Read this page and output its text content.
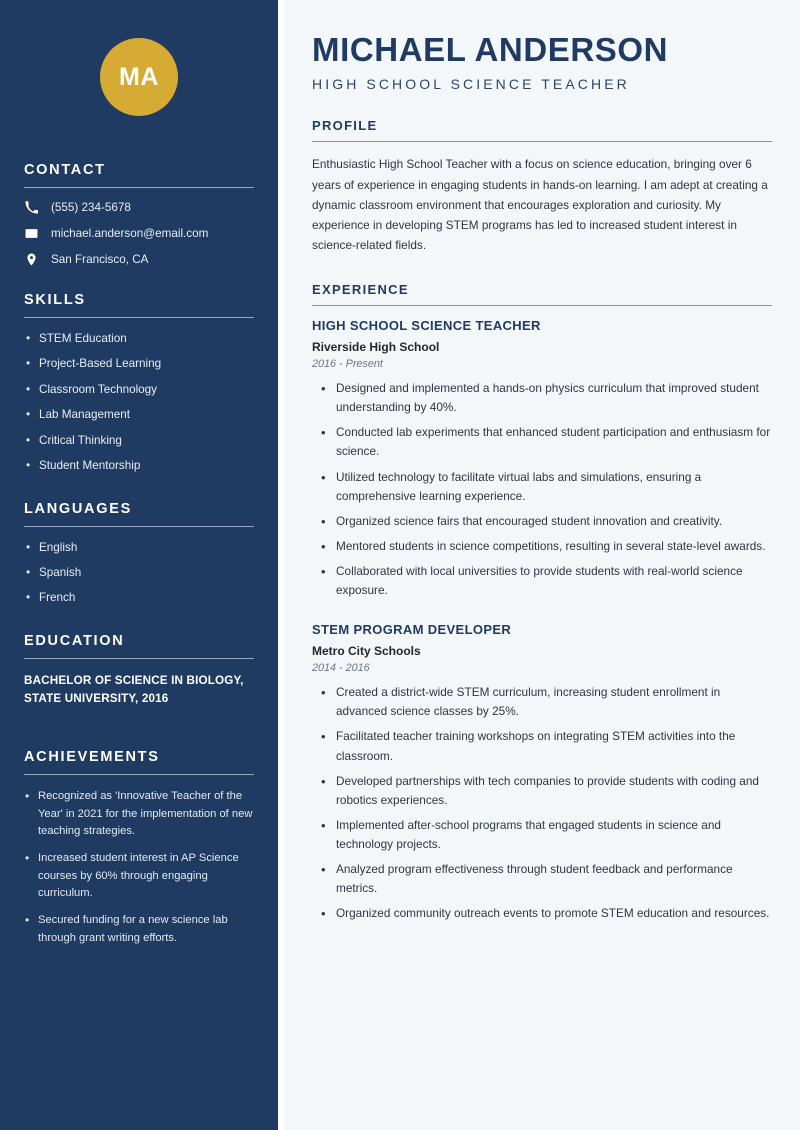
MA
CONTACT
(555) 234-5678
michael.anderson@email.com
San Francisco, CA
SKILLS
• STEM Education
• Project-Based Learning
• Classroom Technology
• Lab Management
• Critical Thinking
• Student Mentorship
LANGUAGES
• English
• Spanish
• French
EDUCATION
BACHELOR OF SCIENCE IN BIOLOGY,
STATE UNIVERSITY, 2016
ACHIEVEMENTS
• Recognized as 'Innovative Teacher of the Year' in 2021 for the implementation of new teaching strategies.
• Increased student interest in AP Science courses by 60% through engaging curriculum.
• Secured funding for a new science lab through grant writing efforts.
MICHAEL ANDERSON
HIGH SCHOOL SCIENCE TEACHER
PROFILE

Enthusiastic High School Teacher with a focus on science education, bringing over 6 years of experience in engaging students in hands-on learning. I am adept at creating a dynamic classroom environment that encourages exploration and curiosity. My experience in developing STEM programs has led to increased student interest in science-related fields.

EXPERIENCE
HIGH SCHOOL SCIENCE TEACHER
Riverside High School
2016 - Present
• Designed and implemented a hands-on physics curriculum that improved student understanding by 40%.
• Conducted lab experiments that enhanced student participation and enthusiasm for science.
• Utilized technology to facilitate virtual labs and simulations, ensuring a comprehensive learning experience.
• Organized science fairs that encouraged student innovation and creativity.
• Mentored students in science competitions, resulting in several state-level awards.
• Collaborated with local universities to provide students with real-world science exposure.
STEM PROGRAM DEVELOPER
Metro City Schools
2014 - 2016
• Created a district-wide STEM curriculum, increasing student enrollment in advanced science classes by 25%.
• Facilitated teacher training workshops on integrating STEM activities into the classroom.
• Developed partnerships with tech companies to provide students with coding and robotics experiences.
• Implemented after-school programs that engaged students in science and technology projects.
• Analyzed program effectiveness through student feedback and performance metrics.
• Organized community outreach events to promote STEM education and resources.
